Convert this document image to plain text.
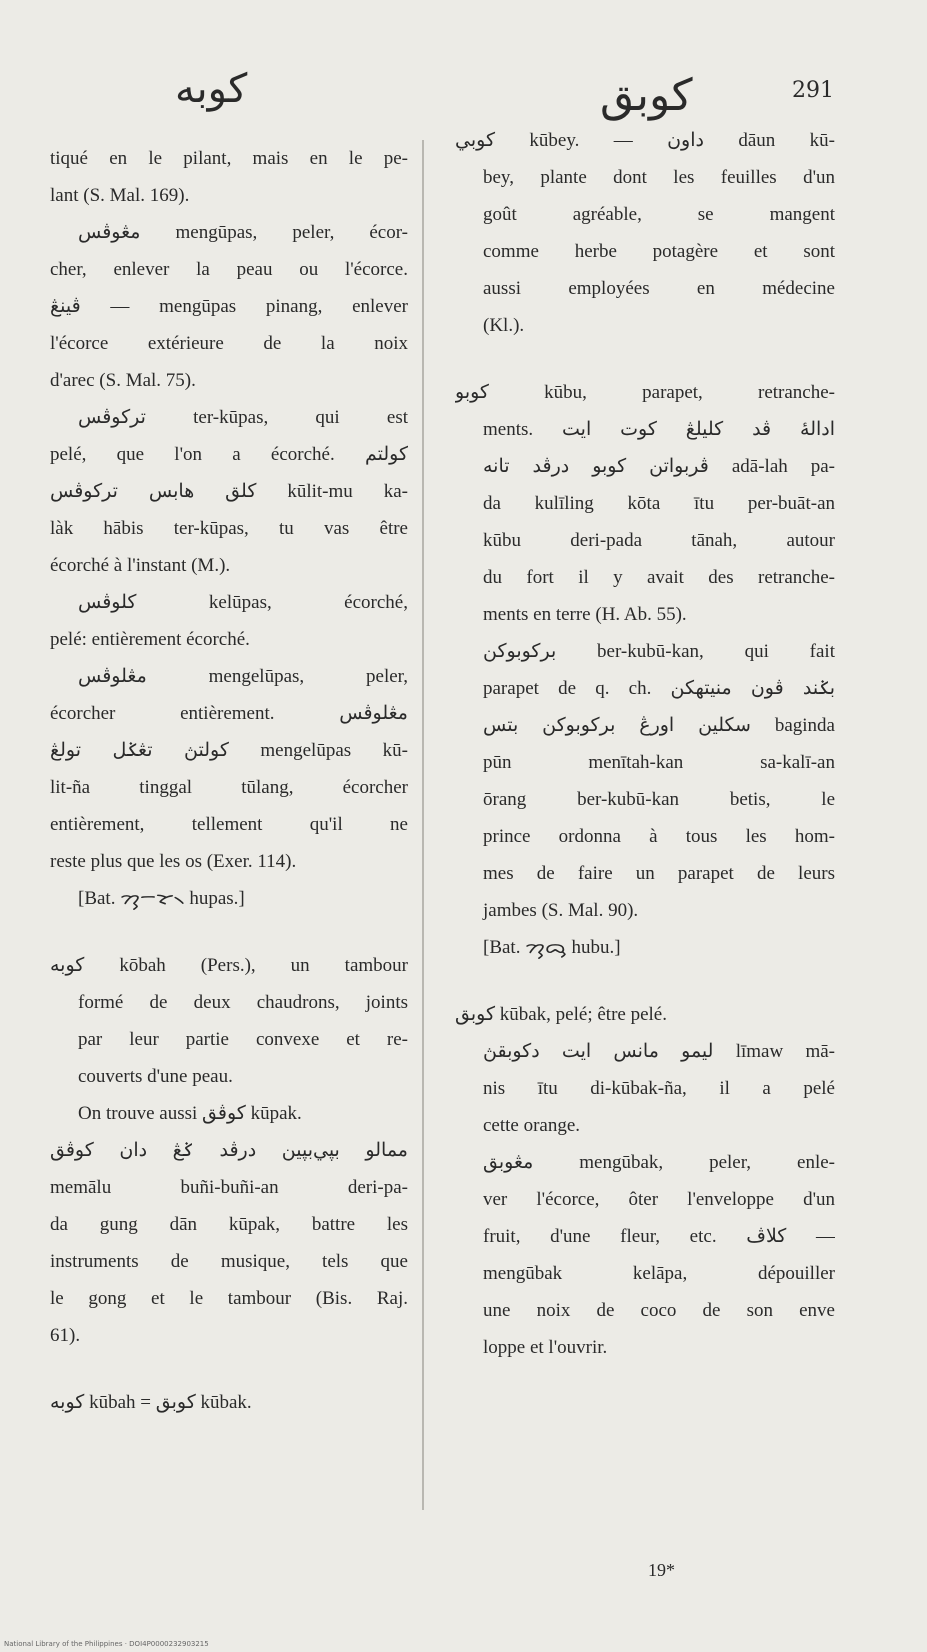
كوبه	كوبق	291
tiqué en le pilant, mais en le pe-
lant (S. Mal. 169).
مڠوڤس mengūpas, peler, écor-
cher, enlever la peau ou l'écorce.
ڤينڠ — mengūpas pinang, enlever
l'écorce extérieure de la noix
d'arec (S. Mal. 75).
ترکوڤس ter-kūpas, qui est
pelé, que l'on a écorché. کولتم
کلق هابس ترکوڤس kūlit-mu ka-
làk hābis ter-kūpas, tu vas être
écorché à l'instant (M.).
کلوڤس kelūpas, écorché,
pelé: entièrement écorché.
مڠلوڤس mengelūpas, peler,
écorcher entièrement. مڠلوڤس
کولتڽ تڠݢل تولڠ mengelūpas kū-
lit-ña tinggal tūlang, écorcher
entièrement, tellement qu'il ne
reste plus que les os (Exer. 114).
[Bat. ᯂᯮᯇᯘ᯲ hupas.]
کوبه kōbah (Pers.), un tambour
formé de deux chaudrons, joints
par leur partie convexe et re-
couverts d'une peau.
On trouve aussi کوڤق kūpak.
ممالو بڽي‌بڽين درڤد ݢڠ دان کوڤق
memālu buñi-buñi-an deri-pa-
da gung dān kūpak, battre les
instruments de musique, tels que
le gong et le tambour (Bis. Raj.
61).
کوبه kūbah = کوبق kūbak.
کوبي kūbey. — داون dāun kū-
bey, plante dont les feuilles d'un
goût agréable, se mangent
comme herbe potagère et sont
aussi employées en médecine
(Kl.).
کوبو kūbu, parapet, retranche-
ments. ادالهٔ ڤد کليلڠ کوت ايت
ڤربواتن کوبو درڤد تانه adā-lah pa-
da kulīling kōta ītu per-buāt-an
kūbu deri-pada tānah, autour
du fort il y avait des retranche-
ments en terre (H. Ab. 55).
برکوبوکن ber-kubū-kan, qui fait
parapet de q. ch. بݢند ڤون منيتهکن
سکلين اورڠ برکوبوکن بتس baginda
pūn menītah-kan sa-kalī-an
ōrang ber-kubū-kan betis, le
prince ordonna à tous les hom-
mes de faire un parapet de leurs
jambes (S. Mal. 90).
[Bat. ᯂᯮᯅᯮ hubu.]
کوبق kūbak, pelé; être pelé.
ليمو مانس ايت دکوبقڽ līmaw mā-
nis ītu di-kūbak-ña, il a pelé
cette orange.
مڠوبق mengūbak, peler, enle-
ver l'écorce, ôter l'enveloppe d'un
fruit, d'une fleur, etc. کلاڤ —
mengūbak kelāpa, dépouiller
une noix de coco de son enve
loppe et l'ouvrir.
19*
National Library of the Philippines · DOI4P0000232903215
